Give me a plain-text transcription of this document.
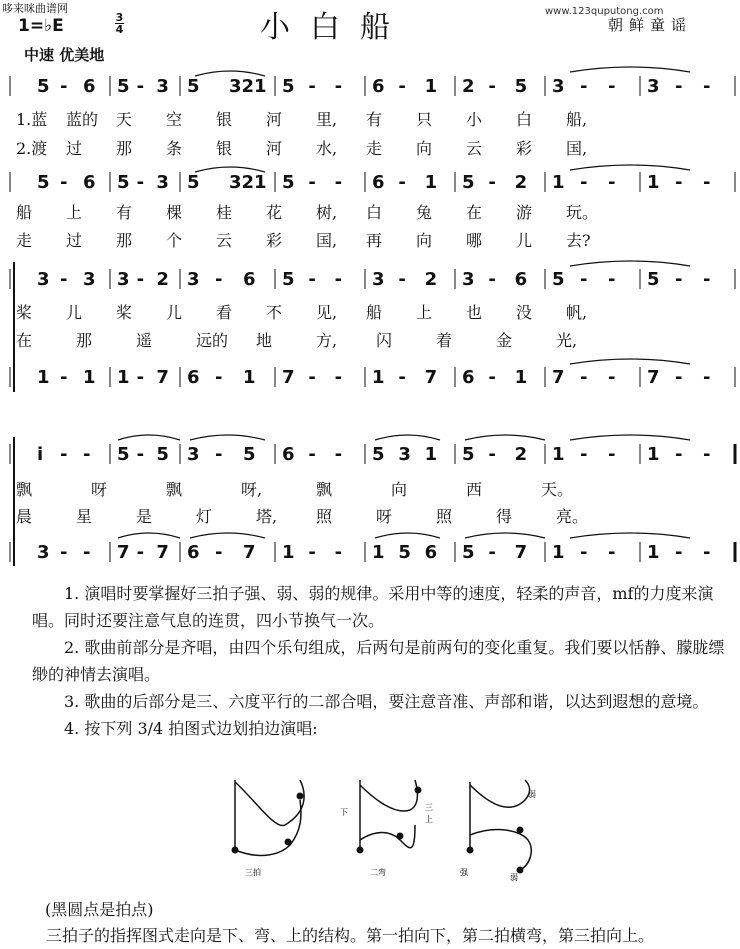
哆来咪曲谱网	www.123quputong.com
1=♭E	3
4	小白船	朝鲜童谣
中速 优美地
5 - 6 5 - 3 5 321 5 - - 6 - 1 2 - 5 3 - - 3 - -
1.蓝 蓝的 天 空 银 河 里, 有 只 小 白 船,
2.渡 过 那 条 银 河 水, 走 向 云 彩 国,
5 - 6 5 - 3 5 321 5 - - 6 - 1 5 - 2 1 - - 1 - -
船 上 有 棵 桂 花 树, 白 兔 在 游 玩。
走 过 那 个 云 彩 国, 再 向 哪 儿 去?
3 - 3 3 - 2 3 - 6 5 - - 3 - 2 3 - 6 5 - - 5 - -
桨 儿 桨 儿 看 不 见, 船 上 也 没 帆,
在	那	遥	远的 地	方, 闪	着	金	光,
1 - 1 1 - 7 6 - 1 7 - - 1 - 7 6 - 1 7 - - 7 - -
i - - 5 - 5 3 - 5 6 - - 5 3 1 5 - 2 1 - - 1 - -
飘	呀	飘	呀,	飘	向	西	天。
晨	星	是	灯	塔, 照	呀	照	得	亮。
3 - - 7 - 7 6 - 7 1 - - 1 5 6 5 - 7 1 - - 1 - -

1. 演唱时要掌握好三拍子强、弱、弱的规律。采用中等的速度，轻柔的声音，mf的力度来演唱。同时还要注意气息的连贯，四小节换气一次。

2. 歌曲前部分是齐唱，由四个乐句组成，后两句是前两句的变化重复。我们要以恬静、朦胧缥缈的神情去演唱。

3. 歌曲的后部分是三、六度平行的二部合唱，要注意音准、声部和谐，以达到遐想的意境。

4. 按下列 3/4 拍图式边划拍边演唱:

三拍	二弯
下
三
上
强
弱
弱
(黑圆点是拍点)
三拍子的指挥图式走向是下、弯、上的结构。第一拍向下，第二拍横弯，第三拍向上。
